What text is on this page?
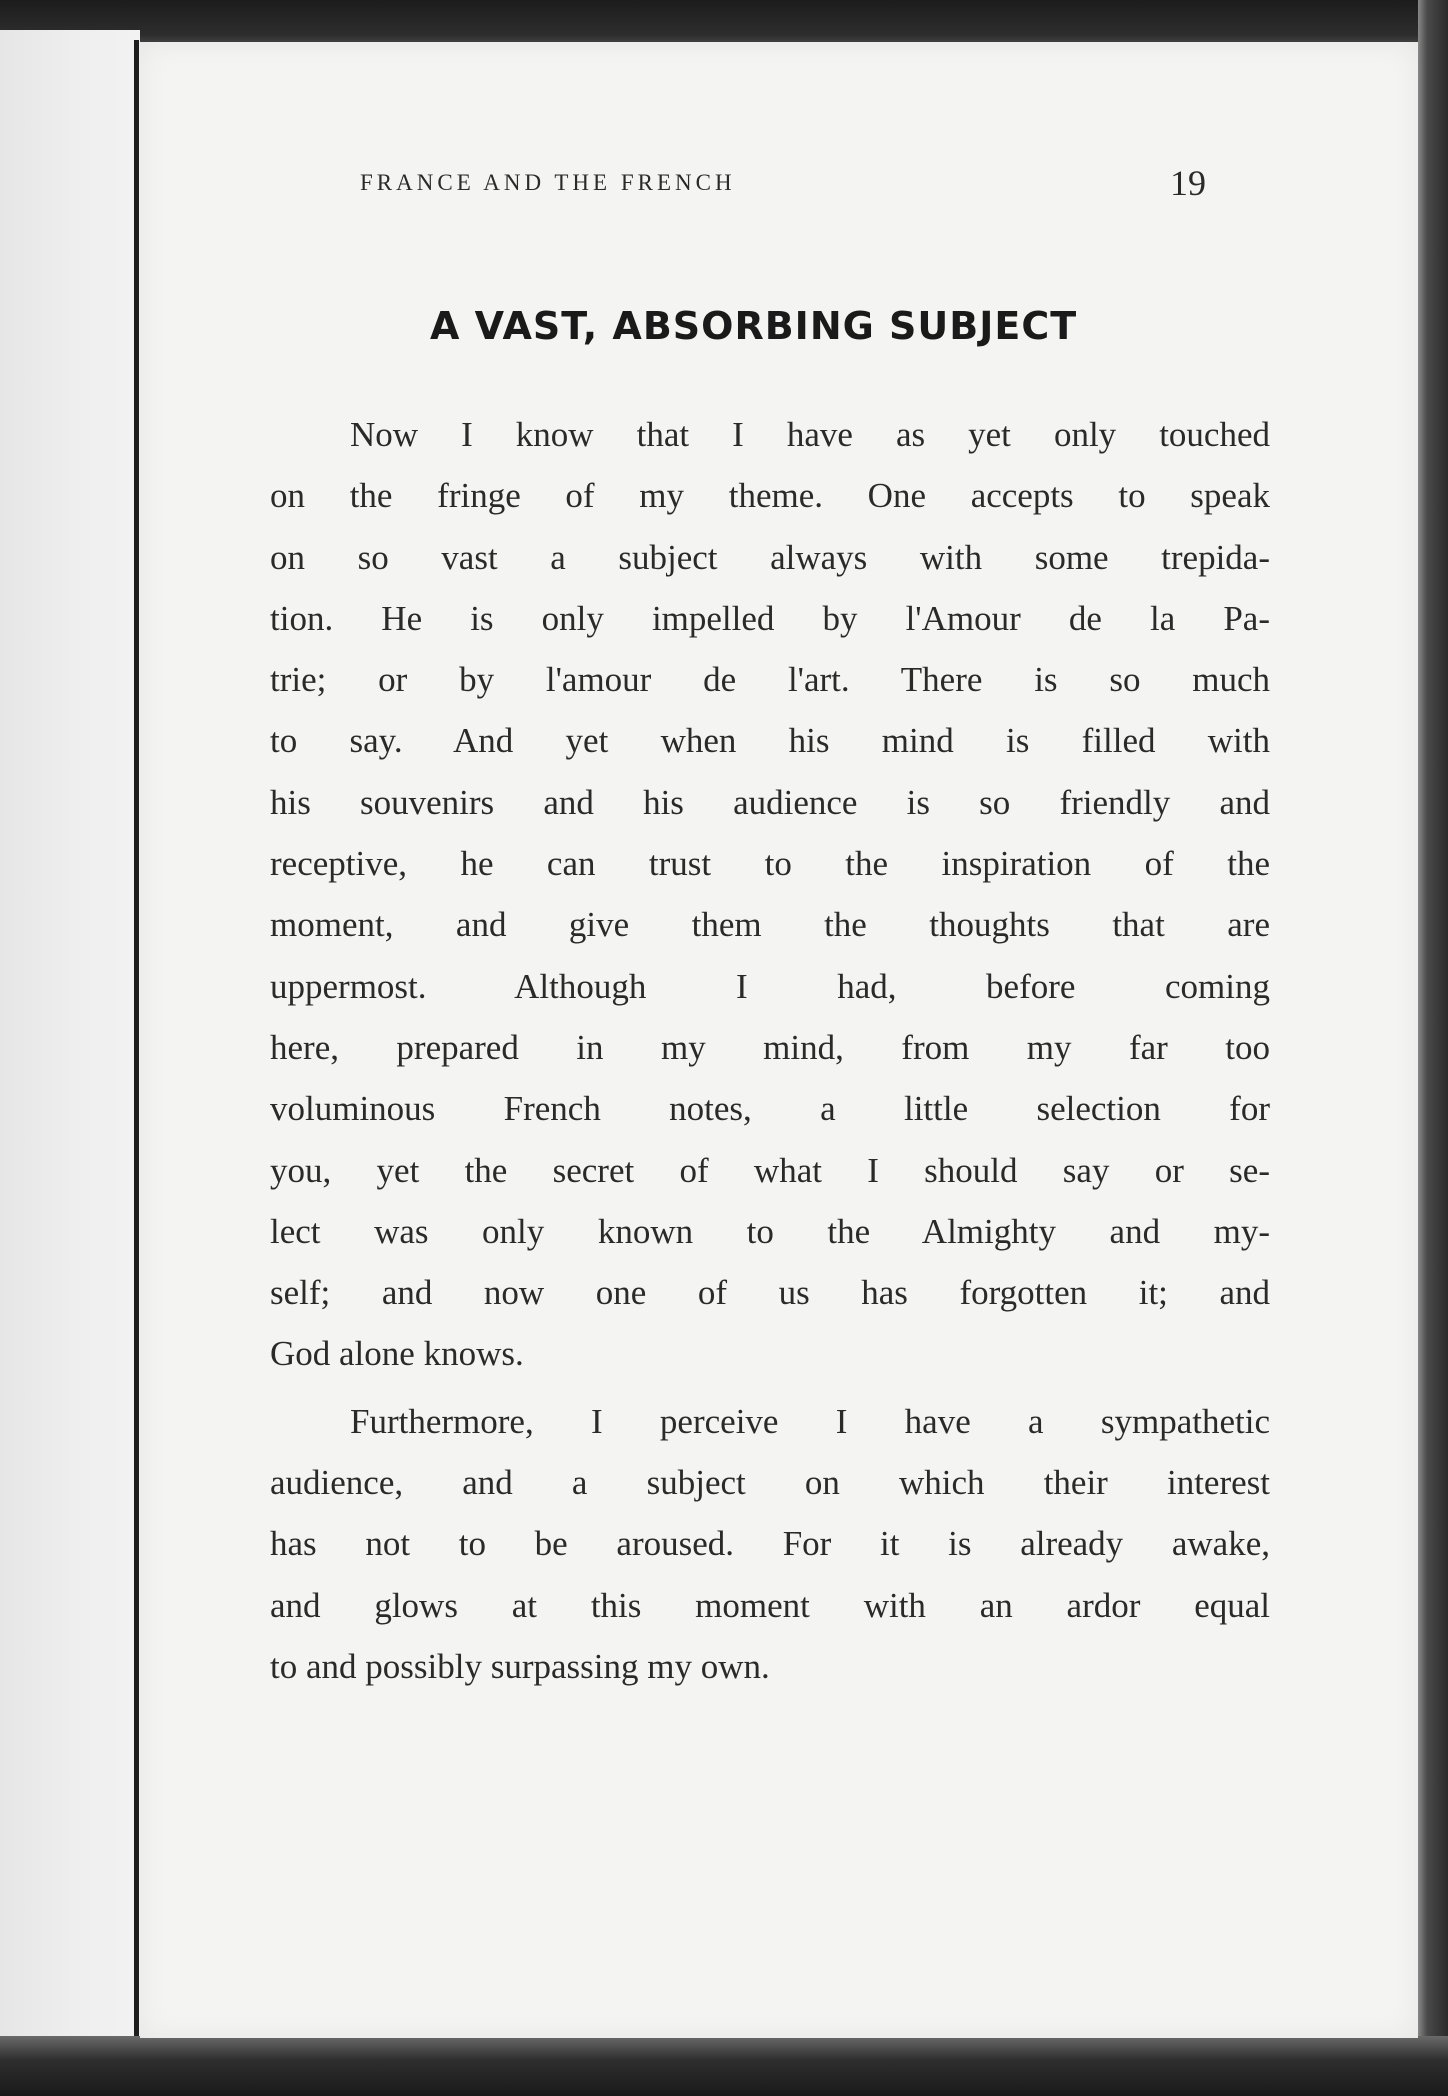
FRANCE AND THE FRENCH	19
A VAST, ABSORBING SUBJECT
Now I know that I have as yet only touched
on the fringe of my theme. One accepts to speak
on so vast a subject always with some trepida-
tion. He is only impelled by l'Amour de la Pa-
trie; or by l'amour de l'art. There is so much
to say. And yet when his mind is filled with
his souvenirs and his audience is so friendly and
receptive, he can trust to the inspiration of the
moment, and give them the thoughts that are
uppermost. Although I had, before coming
here, prepared in my mind, from my far too
voluminous French notes, a little selection for
you, yet the secret of what I should say or se-
lect was only known to the Almighty and my-
self; and now one of us has forgotten it; and
God alone knows.
Furthermore, I perceive I have a sympathetic
audience, and a subject on which their interest
has not to be aroused. For it is already awake,
and glows at this moment with an ardor equal
to and possibly surpassing my own.
